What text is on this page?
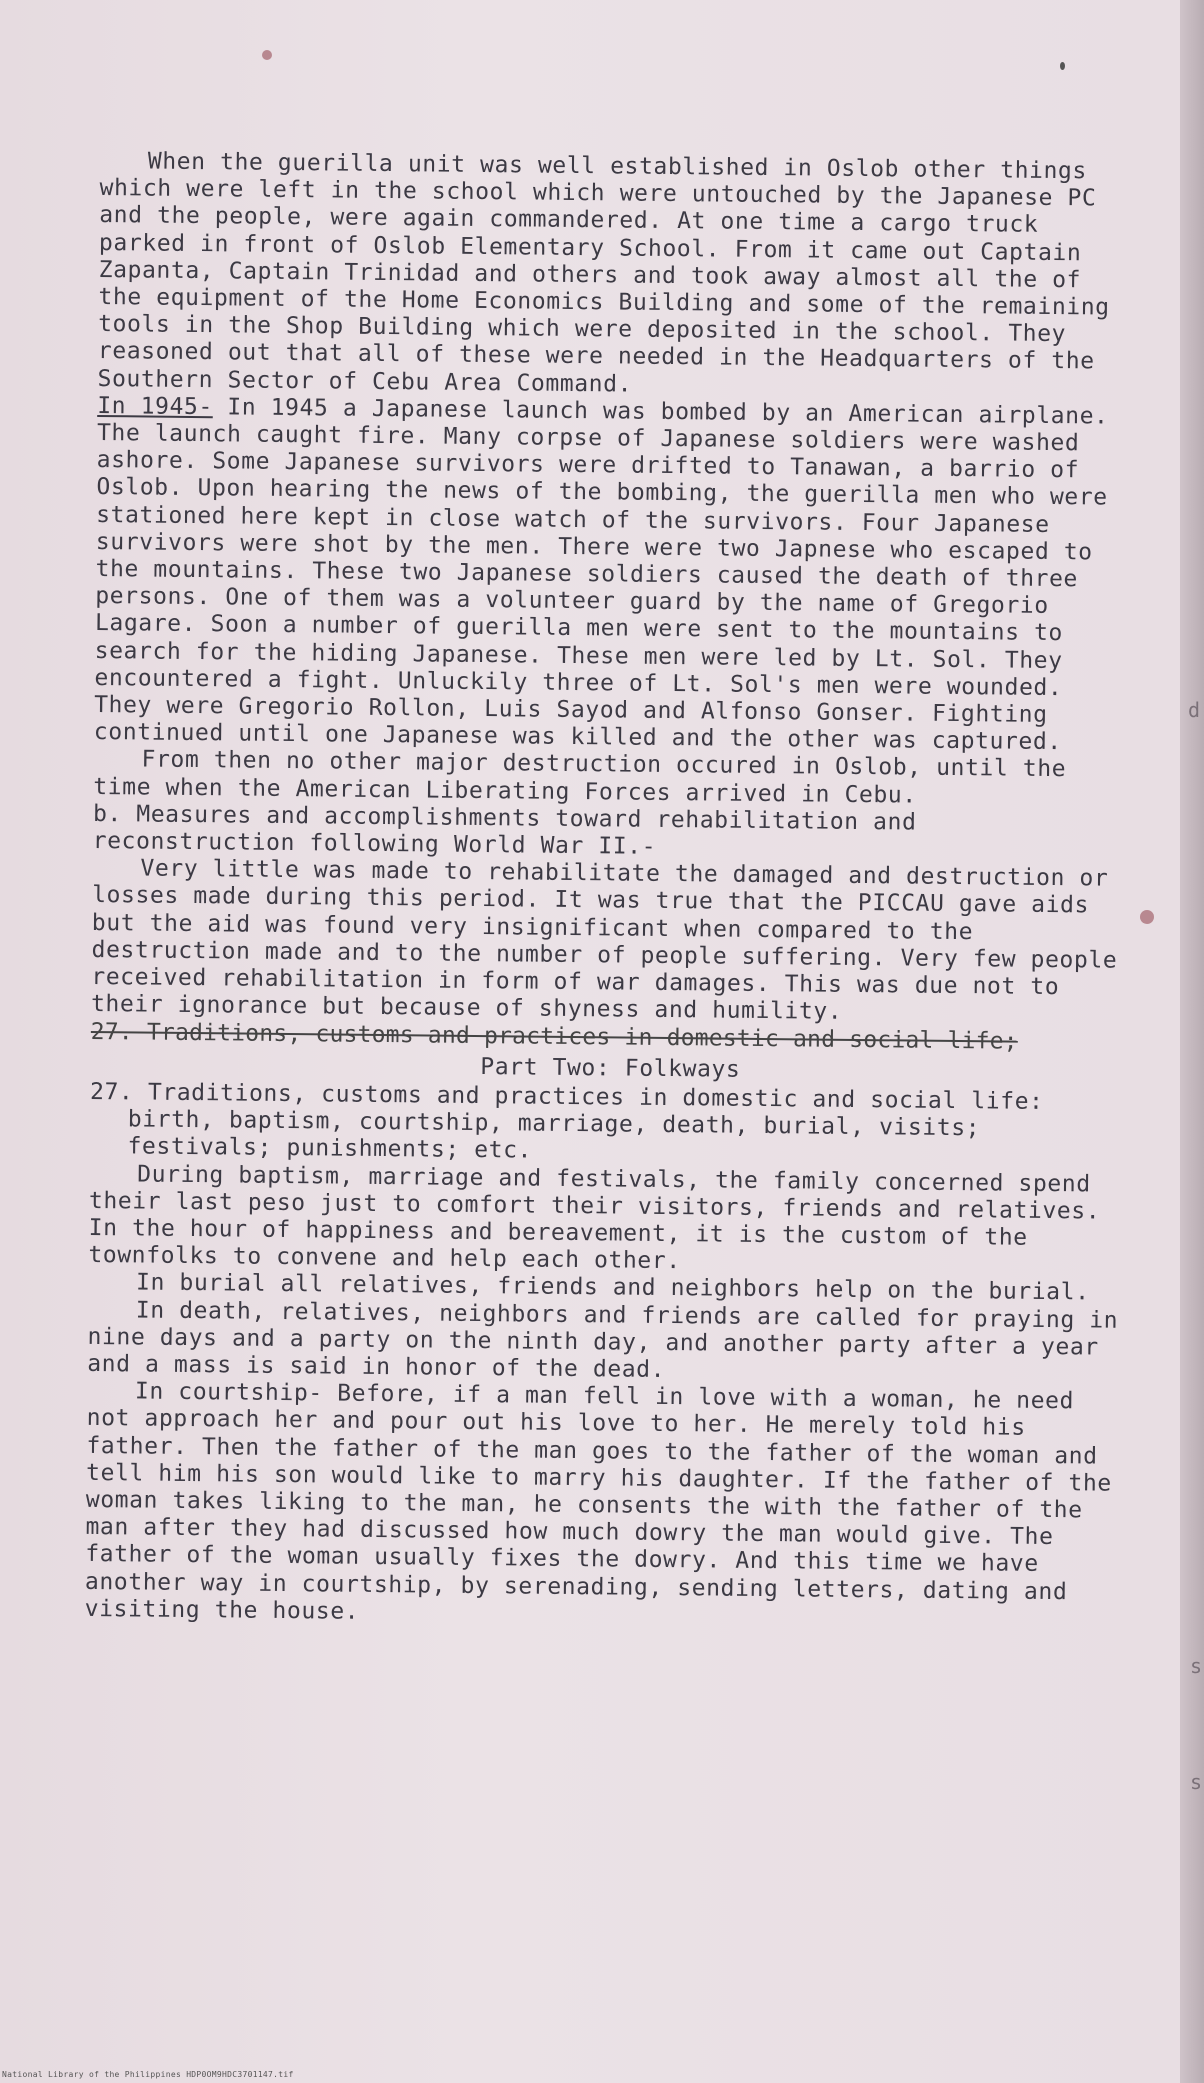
When the guerilla unit was well established in Oslob other things which were left in the school which were untouched by the Japanese PC and the people, were again commandered. At one time a cargo truck parked in front of Oslob Elementary School. From it came out Captain Zapanta, Captain Trinidad and others and took away almost all the of the equipment of the Home Economics Building and some of the remaining tools in the Shop Building which were deposited in the school. They reasoned out that all of these were needed in the Headquarters of the Southern Sector of Cebu Area Command.

In 1945- In 1945 a Japanese launch was bombed by an American airplane. The launch caught fire. Many corpse of Japanese soldiers were washed ashore. Some Japanese survivors were drifted to Tanawan, a barrio of Oslob. Upon hearing the news of the bombing, the guerilla men who were stationed here kept in close watch of the survivors. Four Japanese survivors were shot by the men. There were two Japnese who escaped to the mountains. These two Japanese soldiers caused the death of three persons. One of them was a volunteer guard by the name of Gregorio Lagare. Soon a number of guerilla men were sent to the mountains to search for the hiding Japanese. These men were led by Lt. Sol. They encountered a fight. Unluckily three of Lt. Sol's men were wounded. They were Gregorio Rollon, Luis Sayod and Alfonso Gonser. Fighting continued until one Japanese was killed and the other was captured.

From then no other major destruction occured in Oslob, until the time when the American Liberating Forces arrived in Cebu.

b. Measures and accomplishments toward rehabilitation and reconstruction following World War II.-

Very little was made to rehabilitate the damaged and destruction or losses made during this period. It was true that the PICCAU gave aids but the aid was found very insignificant when compared to the destruction made and to the number of people suffering. Very few people received rehabilitation in form of war damages. This was due not to their ignorance but because of shyness and humility.

27. Traditions, customs and practices in domestic and social life;

Part Two: Folkways

27. Traditions, customs and practices in domestic and social life: birth, baptism, courtship, marriage, death, burial, visits; festivals; punishments; etc.

During baptism, marriage and festivals, the family concerned spend their last peso just to comfort their visitors, friends and relatives. In the hour of happiness and bereavement, it is the custom of the townfolks to convene and help each other.

In burial all relatives, friends and neighbors help on the burial.

In death, relatives, neighbors and friends are called for praying in nine days and a party on the ninth day, and another party after a year and a mass is said in honor of the dead.

In courtship- Before, if a man fell in love with a woman, he need not approach her and pour out his love to her. He merely told his father. Then the father of the man goes to the father of the woman and tell him his son would like to marry his daughter. If the father of the woman takes liking to the man, he consents the with the father of the man after they had discussed how much dowry the man would give. The father of the woman usually fixes the dowry. And this time we have another way in courtship, by serenading, sending letters, dating and visiting the house.

d
s
s
National Library of the Philippines HDP0OM9HDC3701147.tif
